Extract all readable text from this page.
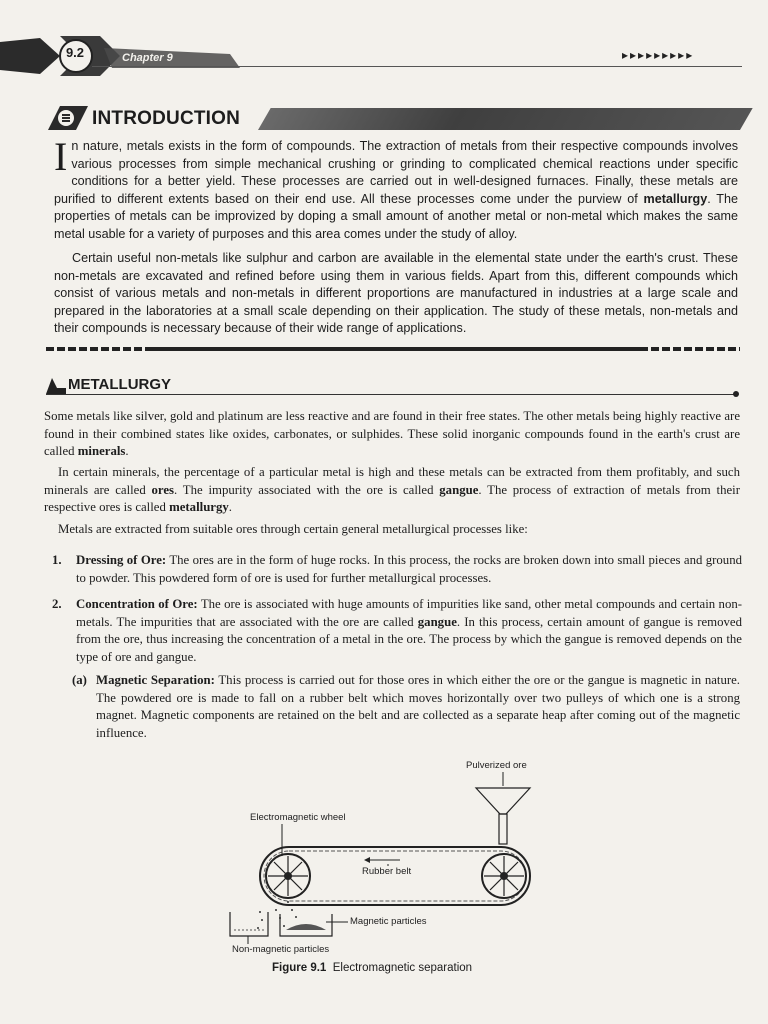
9.2	Chapter 9	▸▸▸▸▸▸▸▸▸
INTRODUCTION
In nature, metals exists in the form of compounds. The extraction of metals from their respective compounds involves various processes from simple mechanical crushing or grinding to complicated chemical reactions under specific conditions for a better yield. These processes are carried out in well-designed furnaces. Finally, these metals are purified to different extents based on their end use. All these processes come under the purview of metallurgy. The properties of metals can be improvized by doping a small amount of another metal or non-metal which makes the same metal usable for a variety of purposes and this area comes under the study of alloy.
Certain useful non-metals like sulphur and carbon are available in the elemental state under the earth's crust. These non-metals are excavated and refined before using them in various fields. Apart from this, different compounds which consist of various metals and non-metals in different proportions are manufactured in industries at a large scale and prepared in the laboratories at a small scale depending on their application. The study of these metals, non-metals and their compounds is necessary because of their wide range of applications.
METALLURGY
Some metals like silver, gold and platinum are less reactive and are found in their free states. The other metals being highly reactive are found in their combined states like oxides, carbonates, or sulphides. These solid inorganic compounds found in the earth's crust are called minerals.
In certain minerals, the percentage of a particular metal is high and these metals can be extracted from them profitably, and such minerals are called ores. The impurity associated with the ore is called gangue. The process of extraction of metals from their respective ores is called metallurgy.
Metals are extracted from suitable ores through certain general metallurgical processes like:
1. Dressing of Ore: The ores are in the form of huge rocks. In this process, the rocks are broken down into small pieces and ground to powder. This powdered form of ore is used for further metallurgical processes.
2. Concentration of Ore: The ore is associated with huge amounts of impurities like sand, other metal compounds and certain non-metals. The impurities that are associated with the ore are called gangue. In this process, certain amount of gangue is removed from the ore, thus increasing the concentration of a metal in the ore. The process by which the gangue is removed depends on the type of ore and gangue.
(a) Magnetic Separation: This process is carried out for those ores in which either the ore or the gangue is magnetic in nature. The powdered ore is made to fall on a rubber belt which moves horizontally over two pulleys of which one is a strong magnet. Magnetic components are retained on the belt and are collected as a separate heap after coming out of the magnetic influence.
Pulverized ore
Electromagnetic wheel
Rubber belt
Magnetic particles
Non-magnetic particles
Figure 9.1 Electromagnetic separation
